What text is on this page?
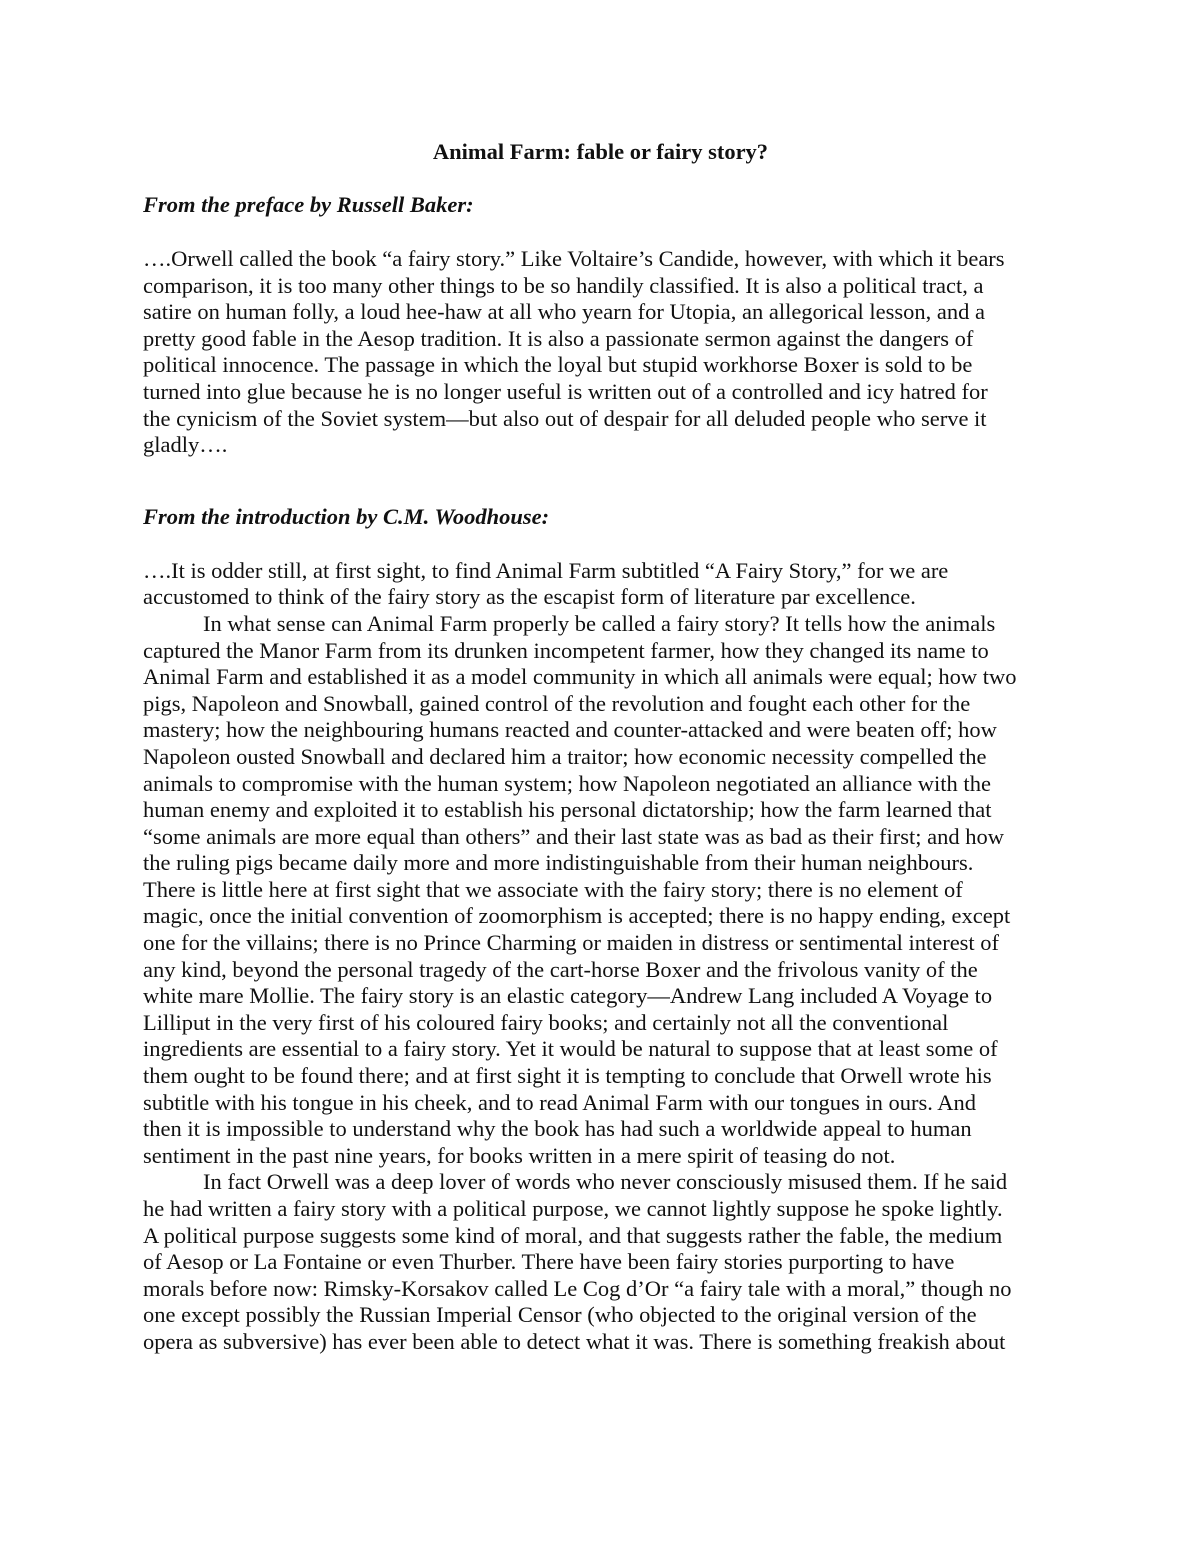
Animal Farm: fable or fairy story?
From the preface by Russell Baker:
….Orwell called the book “a fairy story.” Like Voltaire’s Candide, however, with which it bears
comparison, it is too many other things to be so handily classified. It is also a political tract, a
satire on human folly, a loud hee-haw at all who yearn for Utopia, an allegorical lesson, and a
pretty good fable in the Aesop tradition. It is also a passionate sermon against the dangers of
political innocence. The passage in which the loyal but stupid workhorse Boxer is sold to be
turned into glue because he is no longer useful is written out of a controlled and icy hatred for
the cynicism of the Soviet system—but also out of despair for all deluded people who serve it
gladly….
From the introduction by C.M. Woodhouse:
….It is odder still, at first sight, to find Animal Farm subtitled “A Fairy Story,” for we are
accustomed to think of the fairy story as the escapist form of literature par excellence.
In what sense can Animal Farm properly be called a fairy story? It tells how the animals
captured the Manor Farm from its drunken incompetent farmer, how they changed its name to
Animal Farm and established it as a model community in which all animals were equal; how two
pigs, Napoleon and Snowball, gained control of the revolution and fought each other for the
mastery; how the neighbouring humans reacted and counter-attacked and were beaten off; how
Napoleon ousted Snowball and declared him a traitor; how economic necessity compelled the
animals to compromise with the human system; how Napoleon negotiated an alliance with the
human enemy and exploited it to establish his personal dictatorship; how the farm learned that
“some animals are more equal than others” and their last state was as bad as their first; and how
the ruling pigs became daily more and more indistinguishable from their human neighbours.
There is little here at first sight that we associate with the fairy story; there is no element of
magic, once the initial convention of zoomorphism is accepted; there is no happy ending, except
one for the villains; there is no Prince Charming or maiden in distress or sentimental interest of
any kind, beyond the personal tragedy of the cart-horse Boxer and the frivolous vanity of the
white mare Mollie. The fairy story is an elastic category—Andrew Lang included A Voyage to
Lilliput in the very first of his coloured fairy books; and certainly not all the conventional
ingredients are essential to a fairy story. Yet it would be natural to suppose that at least some of
them ought to be found there; and at first sight it is tempting to conclude that Orwell wrote his
subtitle with his tongue in his cheek, and to read Animal Farm with our tongues in ours. And
then it is impossible to understand why the book has had such a worldwide appeal to human
sentiment in the past nine years, for books written in a mere spirit of teasing do not.
In fact Orwell was a deep lover of words who never consciously misused them. If he said
he had written a fairy story with a political purpose, we cannot lightly suppose he spoke lightly.
A political purpose suggests some kind of moral, and that suggests rather the fable, the medium
of Aesop or La Fontaine or even Thurber. There have been fairy stories purporting to have
morals before now: Rimsky-Korsakov called Le Cog d’Or “a fairy tale with a moral,” though no
one except possibly the Russian Imperial Censor (who objected to the original version of the
opera as subversive) has ever been able to detect what it was. There is something freakish about
